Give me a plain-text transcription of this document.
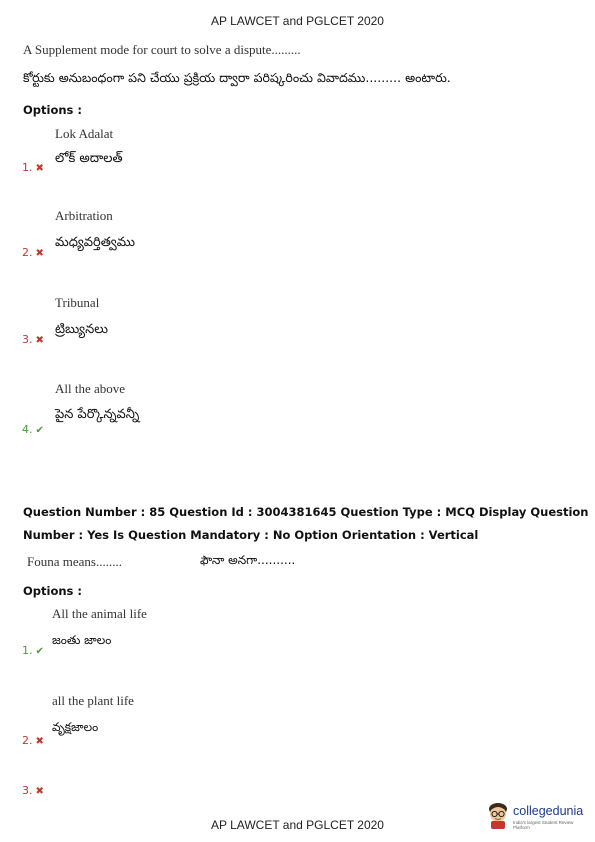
AP LAWCET and PGLCET 2020
A Supplement mode for court to solve a dispute.........
కోర్టుకు అనుబంధంగా పని చేయు ప్రక్రియ ద్వారా పరిష్కరించు వివాదము......... అంటారు.
Options :
Lok Adalat
1. ✖
లోక్ అదాలత్
Arbitration
2. ✖
మధ్యవర్తిత్వము
Tribunal
3. ✖
ట్రిబ్యునలు
All the above
4. ✔
పైన పేర్కొన్నవన్నీ
Question Number : 85 Question Id : 3004381645 Question Type : MCQ Display Question
Number : Yes Is Question Mandatory : No Option Orientation : Vertical
Founa means........	ఫౌనా అనగా..........
Options :
All the animal life
1. ✔
జంతు జాలం
all the plant life
2. ✖
వృక్షజాలం
3. ✖
AP LAWCET and PGLCET 2020
collegedunia
India's largest Student Review Platform
